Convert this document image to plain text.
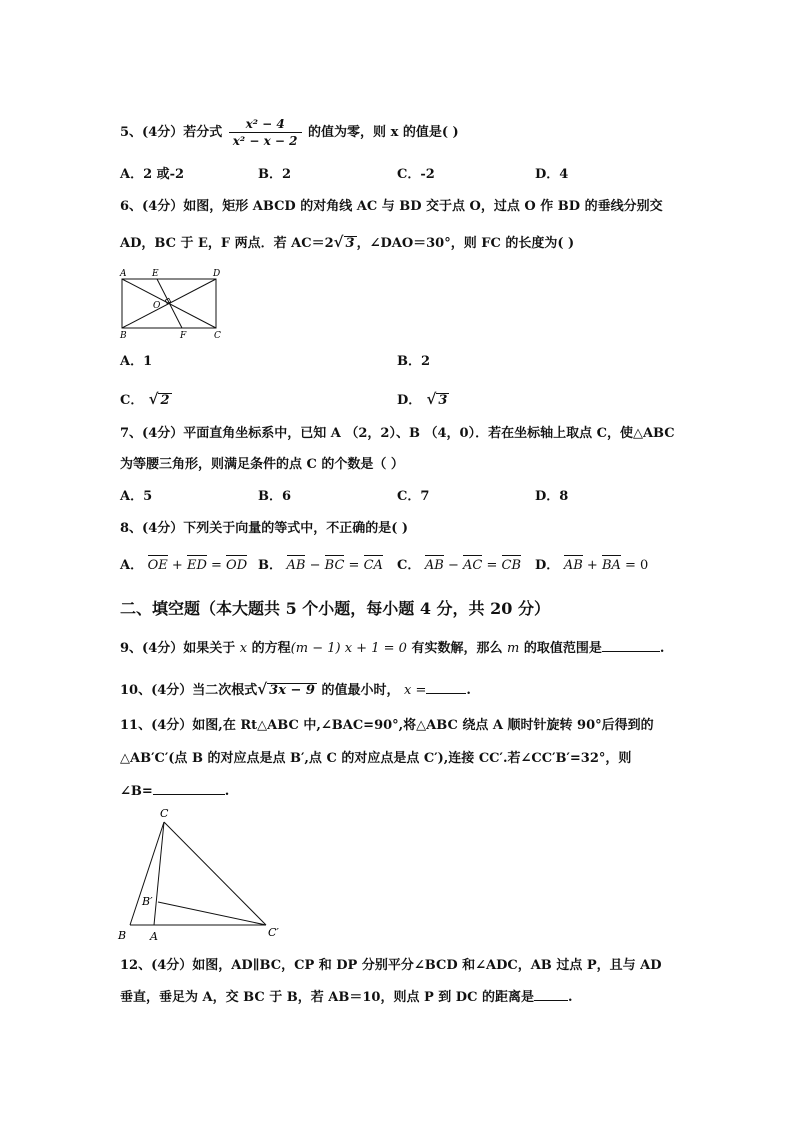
5、(4分）若分式 $\frac{\text{x² − 4}}{\text{x² − x − 2}}$ 的值为零，则 x 的值是( )
A．2 或-2	B．2	C．-2	D．4
6、(4分）如图，矩形 ABCD 的对角线 AC 与 BD 交于点 O，过点 O 作 BD 的垂线分别交
AD，BC 于 E，F 两点．若 AC＝2√ 3 ，∠DAO＝30°，则 FC 的长度为( )
A	E	D
O
B	F	C
A．1	B．2
C． √ 2	D． √ 3
7、(4分）平面直角坐标系中，已知 A （2，2）、B （4，0）．若在坐标轴上取点 C，使△ABC
为等腰三角形，则满足条件的点 C 的个数是（ ）
A．5	B．6	C．7	D．8
8、(4分）下列关于向量的等式中，不正确的是( )
A． OE + ED = OD B． AB − BC = CA C． AB − AC = CB D． AB + BA = 0
二、填空题（本大题共 5 个小题，每小题 4 分，共 20 分）
9、(4分）如果关于 x 的方程(m − 1) x + 1 = 0 有实数解，那么 m 的取值范围是	.
10、(4分）当二次根式√ 3x − 9 的值最小时， x =	.
11、(4分）如图,在 Rt△ABC 中,∠BAC=90°,将△ABC 绕点 A 顺时针旋转 90°后得到的
△AB′C′(点 B 的对应点是点 B′,点 C 的对应点是点 C′),连接 CC′.若∠CC′B′=32°，则
∠B=	.
C
B′
B A	C′
12、(4分）如图，AD∥BC，CP 和 DP 分别平分∠BCD 和∠ADC，AB 过点 P，且与 AD
垂直，垂足为 A，交 BC 于 B，若 AB＝10，则点 P 到 DC 的距离是	.
